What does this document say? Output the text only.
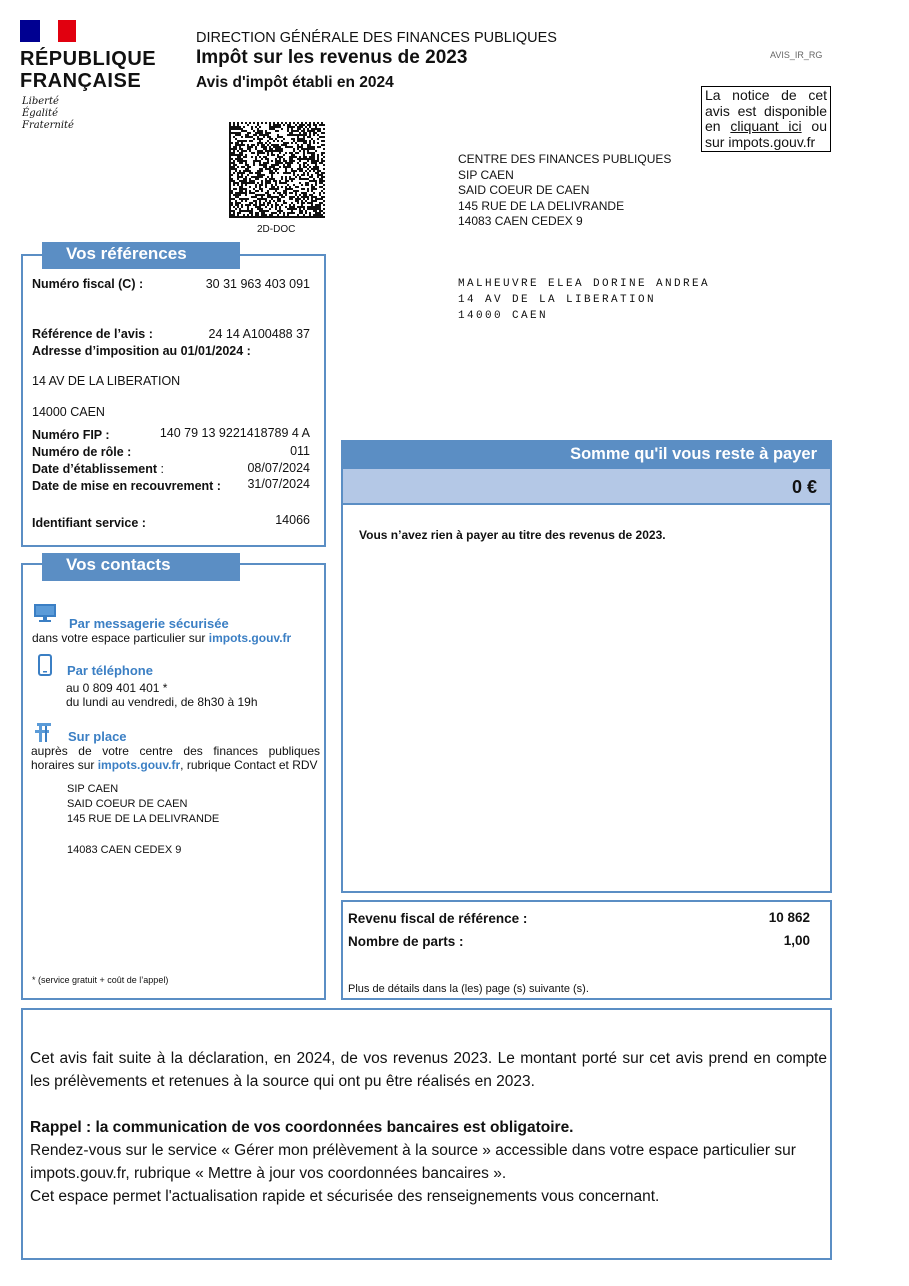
RÉPUBLIQUE
FRANÇAISE
Liberté
Égalité
Fraternité
DIRECTION GÉNÉRALE DES FINANCES PUBLIQUES
Impôt sur les revenus de 2023
Avis d'impôt établi en 2024
AVIS_IR_RG
La notice de cet
avis est disponible
en cliquant ici ou
sur impots.gouv.fr
2D-DOC
CENTRE DES FINANCES PUBLIQUES
SIP CAEN
SAID COEUR DE CAEN
145 RUE DE LA DELIVRANDE
14083 CAEN CEDEX 9
MALHEUVRE ELEA DORINE ANDREA
14 AV DE LA LIBERATION
14000 CAEN
Vos références
Numéro fiscal (C) :	30 31 963 403 091
Référence de l’avis :	24 14 A100488 37
Adresse d’imposition au 01/01/2024 :
14 AV DE LA LIBERATION
14000 CAEN
Numéro FIP :	140 79 13 9221418789 4 A
Numéro de rôle :	011
Date d’établissement :	08/07/2024
Date de mise en recouvrement :	31/07/2024
Identifiant service :	14066
Vos contacts
Par messagerie sécurisée
dans votre espace particulier sur impots.gouv.fr
Par téléphone
au 0 809 401 401 *
du lundi au vendredi, de 8h30 à 19h
Sur place
auprès de votre centre des finances publiques
horaires sur impots.gouv.fr, rubrique Contact et RDV
SIP CAEN
SAID COEUR DE CAEN
145 RUE DE LA DELIVRANDE
14083 CAEN CEDEX 9
* (service gratuit + coût de l’appel)
Somme qu'il vous reste à payer
0 €
Vous n’avez rien à payer au titre des revenus de 2023.
Revenu fiscal de référence :	10 862
Nombre de parts :	1,00
Plus de détails dans la (les) page (s) suivante (s).
Cet avis fait suite à la déclaration, en 2024, de vos revenus 2023. Le montant porté sur cet avis prend en compte les prélèvements et retenues à la source qui ont pu être réalisés en 2023.
Rappel : la communication de vos coordonnées bancaires est obligatoire.
Rendez-vous sur le service « Gérer mon prélèvement à la source » accessible dans votre espace particulier sur impots.gouv.fr, rubrique « Mettre à jour vos coordonnées bancaires ».
Cet espace permet l'actualisation rapide et sécurisée des renseignements vous concernant.
